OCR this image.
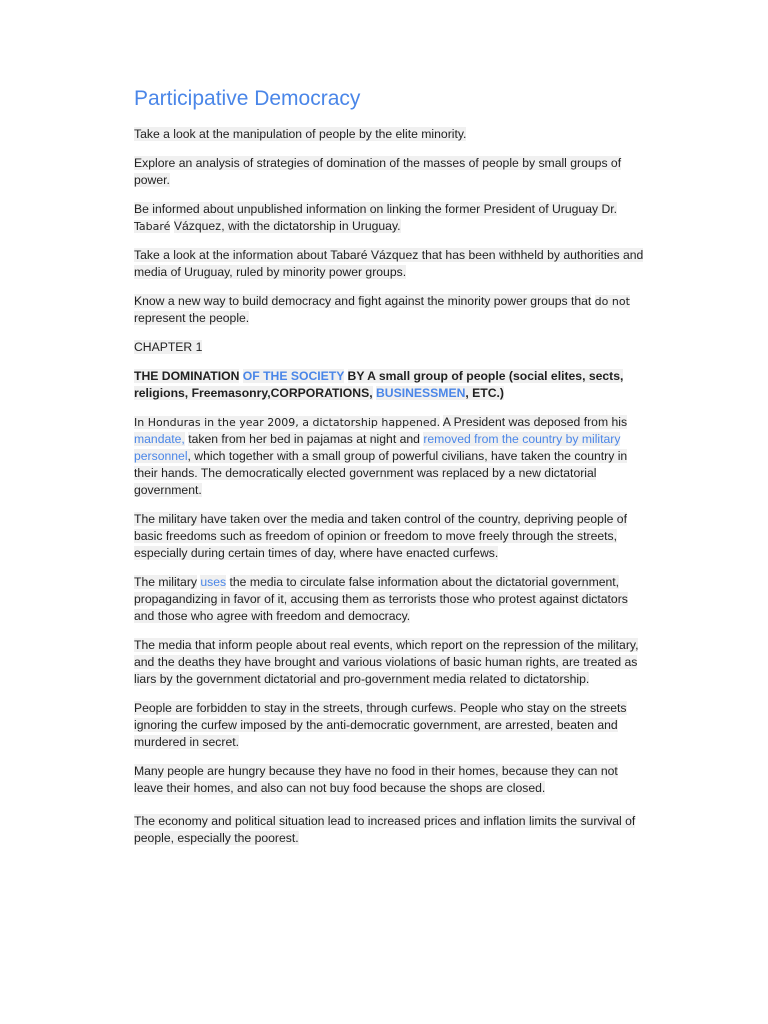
Participative Democracy

Take a look at the manipulation of people by the elite minority.

Explore an analysis of strategies of domination of the masses of people by small groups of power.

Be informed about unpublished information on linking the former President of Uruguay Dr. Tabaré Vázquez, with the dictatorship in Uruguay.

Take a look at the information about Tabaré Vázquez that has been withheld by authorities and media of Uruguay, ruled by minority power groups.

Know a new way to build democracy and fight against the minority power groups that do not represent the people.

CHAPTER 1

THE DOMINATION OF THE SOCIETY BY A small group of people (social elites, sects, religions, Freemasonry,CORPORATIONS, BUSINESSMEN, ETC.)

In Honduras in the year 2009, a dictatorship happened. A President was deposed from his mandate, taken from her bed in pajamas at night and removed from the country by military personnel, which together with a small group of powerful civilians, have taken the country in their hands. The democratically elected government was replaced by a new dictatorial government.

The military have taken over the media and taken control of the country, depriving people of basic freedoms such as freedom of opinion or freedom to move freely through the streets, especially during certain times of day, where have enacted curfews.

The military uses the media to circulate false information about the dictatorial government, propagandizing in favor of it, accusing them as terrorists those who protest against dictators and those who agree with freedom and democracy.

The media that inform people about real events, which report on the repression of the military, and the deaths they have brought and various violations of basic human rights, are treated as liars by the government dictatorial and pro-government media related to dictatorship.

People are forbidden to stay in the streets, through curfews. People who stay on the streets ignoring the curfew imposed by the anti-democratic government, are arrested, beaten and murdered in secret.

Many people are hungry because they have no food in their homes, because they can not leave their homes, and also can not buy food because the shops are closed.

The economy and political situation lead to increased prices and inflation limits the survival of people, especially the poorest.
